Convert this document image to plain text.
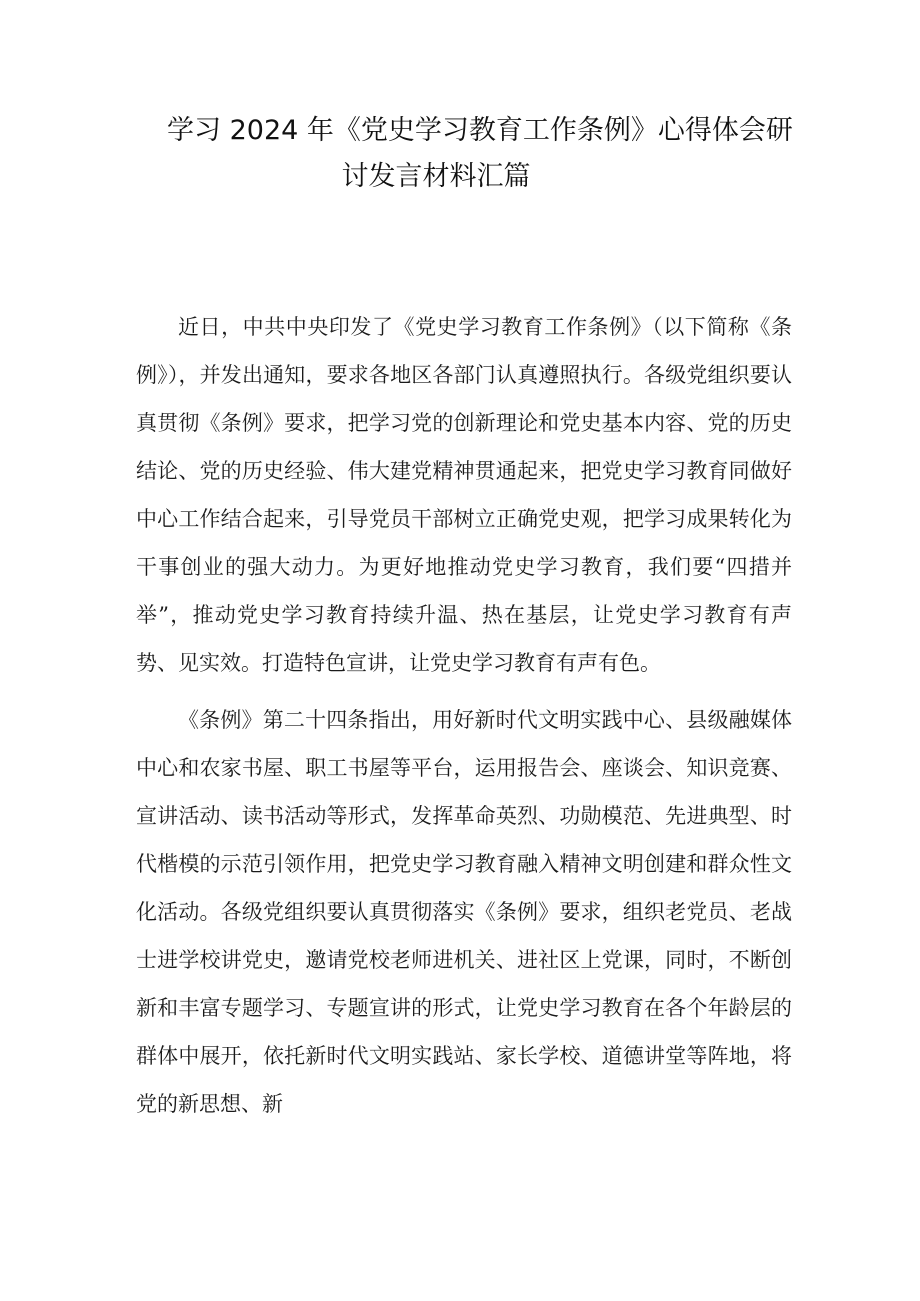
学习 2024 年《党史学习教育工作条例》心得体会研
讨发言材料汇篇

近日，中共中央印发了《党史学习教育工作条例》（以下简称《条例》），并发出通知，要求各地区各部门认真遵照执行。各级党组织要认真贯彻《条例》要求，把学习党的创新理论和党史基本内容、党的历史结论、党的历史经验、伟大建党精神贯通起来，把党史学习教育同做好中心工作结合起来，引导党员干部树立正确党史观，把学习成果转化为干事创业的强大动力。为更好地推动党史学习教育，我们要“四措并举”，推动党史学习教育持续升温、热在基层，让党史学习教育有声势、见实效。打造特色宣讲，让党史学习教育有声有色。

《条例》第二十四条指出，用好新时代文明实践中心、县级融媒体中心和农家书屋、职工书屋等平台，运用报告会、座谈会、知识竞赛、宣讲活动、读书活动等形式，发挥革命英烈、功勋模范、先进典型、时代楷模的示范引领作用，把党史学习教育融入精神文明创建和群众性文化活动。各级党组织要认真贯彻落实《条例》要求，组织老党员、老战士进学校讲党史，邀请党校老师进机关、进社区上党课，同时，不断创新和丰富专题学习、专题宣讲的形式，让党史学习教育在各个年龄层的群体中展开，依托新时代文明实践站、家长学校、道德讲堂等阵地，将党的新思想、新
